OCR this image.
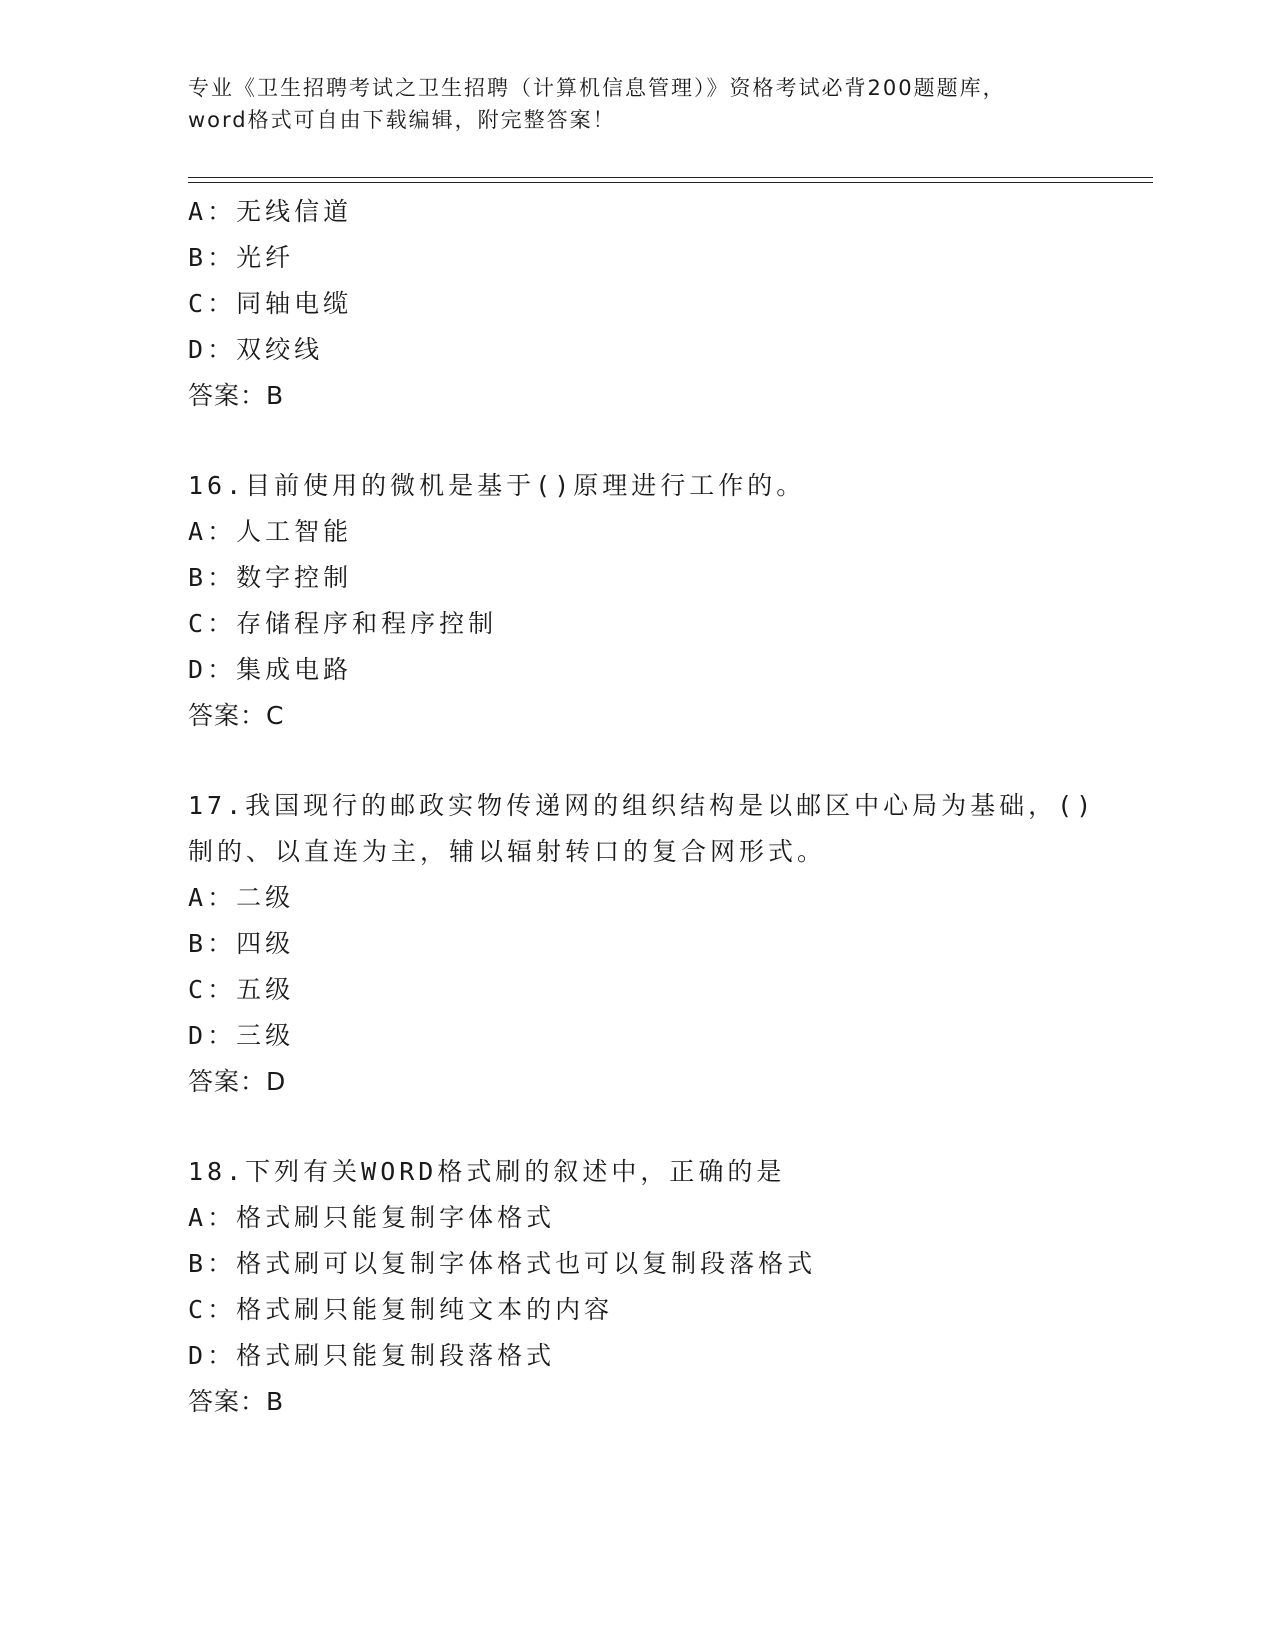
专业《卫生招聘考试之卫生招聘（计算机信息管理）》资格考试必背200题题库，
word格式可自由下载编辑，附完整答案！
A：无线信道
B：光纤
C：同轴电缆
D：双绞线
答案：B
16.目前使用的微机是基于()原理进行工作的。
A：人工智能
B：数字控制
C：存储程序和程序控制
D：集成电路
答案：C
17.我国现行的邮政实物传递网的组织结构是以邮区中心局为基础，()
制的、以直连为主，辅以辐射转口的复合网形式。
A：二级
B：四级
C：五级
D：三级
答案：D
18.下列有关WORD格式刷的叙述中，正确的是
A：格式刷只能复制字体格式
B：格式刷可以复制字体格式也可以复制段落格式
C：格式刷只能复制纯文本的内容
D：格式刷只能复制段落格式
答案：B
